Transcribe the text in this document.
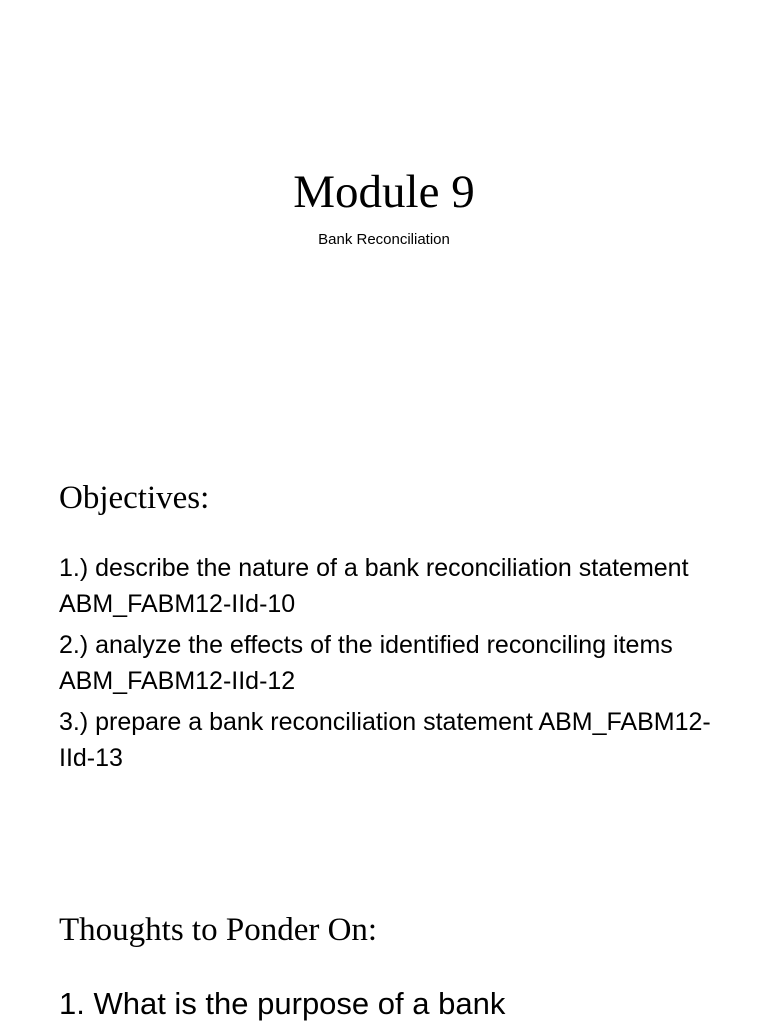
Module 9

Bank Reconciliation

Objectives:
1.) describe the nature of a bank reconciliation statement ABM_FABM12-IId-10
2.) analyze the effects of the identified reconciling items ABM_FABM12-IId-12
3.) prepare a bank reconciliation statement ABM_FABM12-IId-13
Thoughts to Ponder On:

1. What is the purpose of a bank
